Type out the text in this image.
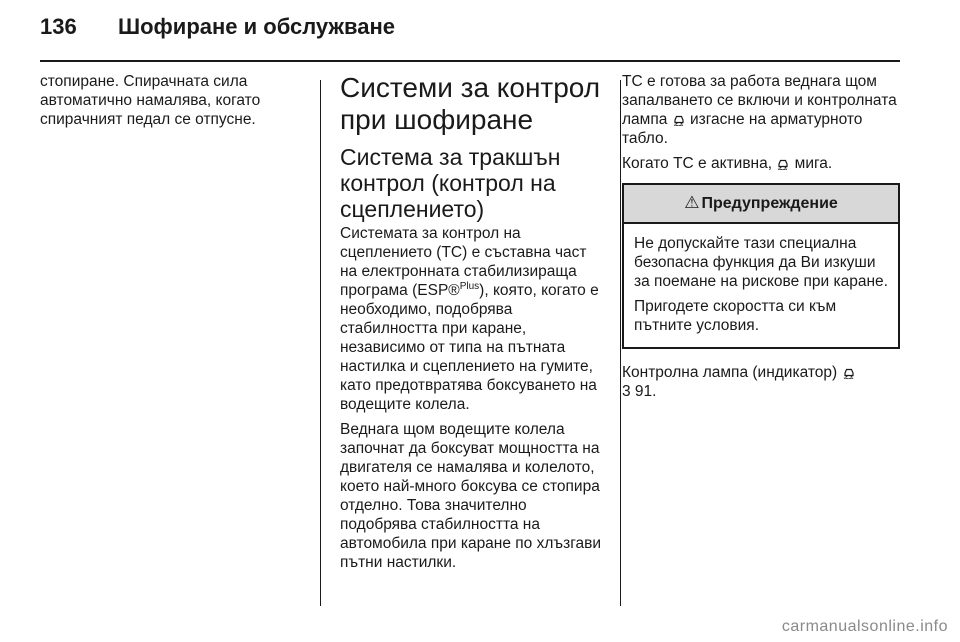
136 Шофиране и обслужване

стопиране. Спирачната сила автоматично намалява, когато спирачният педал се отпусне.

Системи за контрол при шофиране
Система за тракшън контрол (контрол на сцеплението)

Системата за контрол на сцеплението (TC) е съставна част на електронната стабилизираща програма (ESP®$^{Plus}$), която, когато е необходимо, подобрява стабилността при каране, независимо от типа на пътната настилка и сцеплението на гумите, като предотвратява боксуването на водещите колела.

Веднага щом водещите колела започнат да боксуват мощността на двигателя се намалява и колелото, което най-много боксува се стопира отделно. Това значително подобрява стабилността на автомобила при каране по хлъзгави пътни настилки.

TC е готова за работа веднага щом запалването се включи и контролната лампа изгасне на арматурното табло.

Когато TC е активна, мига.

⚠ Предупреждение

Не допускайте тази специална безопасна функция да Ви изкуши за поемане на рискове при каране.

Пригодете скоростта си към пътните условия.

Контролна лампа (индикатор)
3 91.

carmanualsonline.info
